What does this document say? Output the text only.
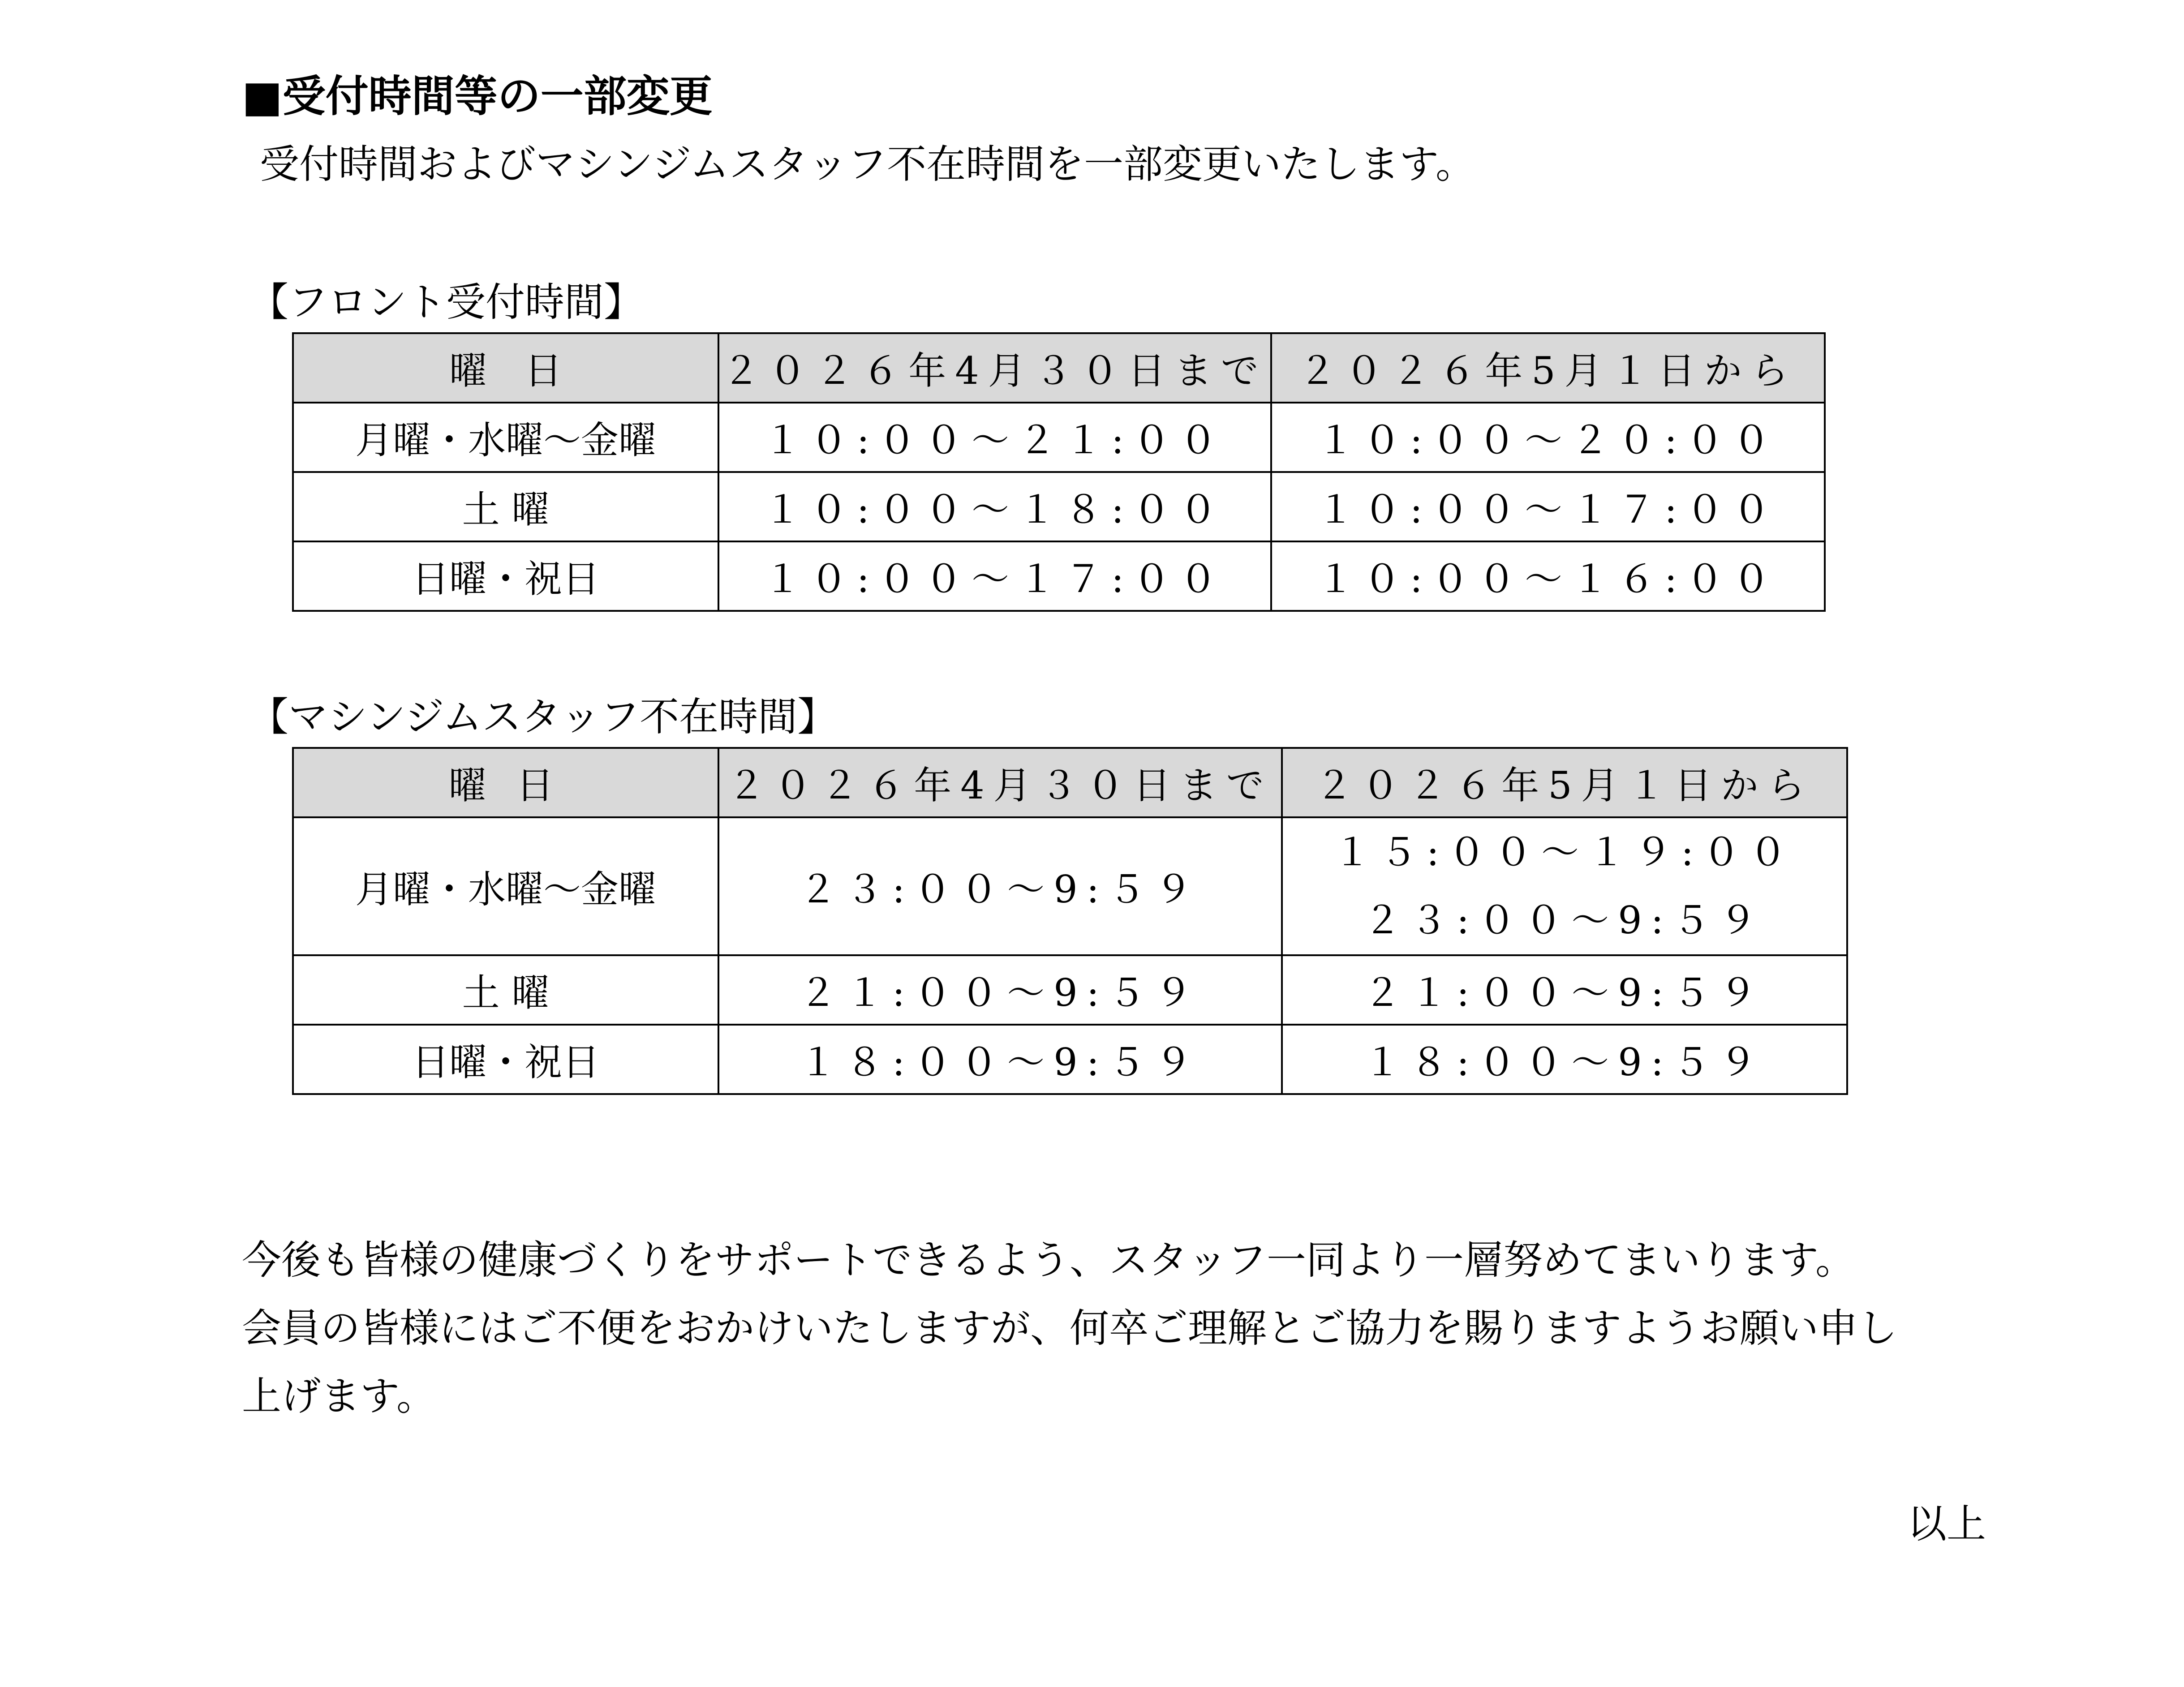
■受付時間等の一部変更
受付時間およびマシンジムスタッフ不在時間を一部変更いたします。
【フロント受付時間】
曜　日	２０２６年4月３０日まで	２０２６年5月１日から
月曜・水曜～金曜	１０:００～２１:００	１０:００～２０:００
土 曜	１０:００～１８:００	１０:００～１７:００
日曜・祝日	１０:００～１７:００	１０:００～１６:００
【マシンジムスタッフ不在時間】
曜 日	２０２６年4月３０日まで	２０２６年5月１日から
月曜・水曜～金曜	２３:００～9:５９	１５:００～１９:００
２３:００～9:５９

土 曜	２１:００～9:５９	２１:００～9:５９
日曜・祝日	１８:００～9:５９	１８:００～9:５９
今後も皆様の健康づくりをサポートできるよう、スタッフ一同より一層努めてまいります。
会員の皆様にはご不便をおかけいたしますが、何卒ご理解とご協力を賜りますようお願い申し
上げます。
以上
